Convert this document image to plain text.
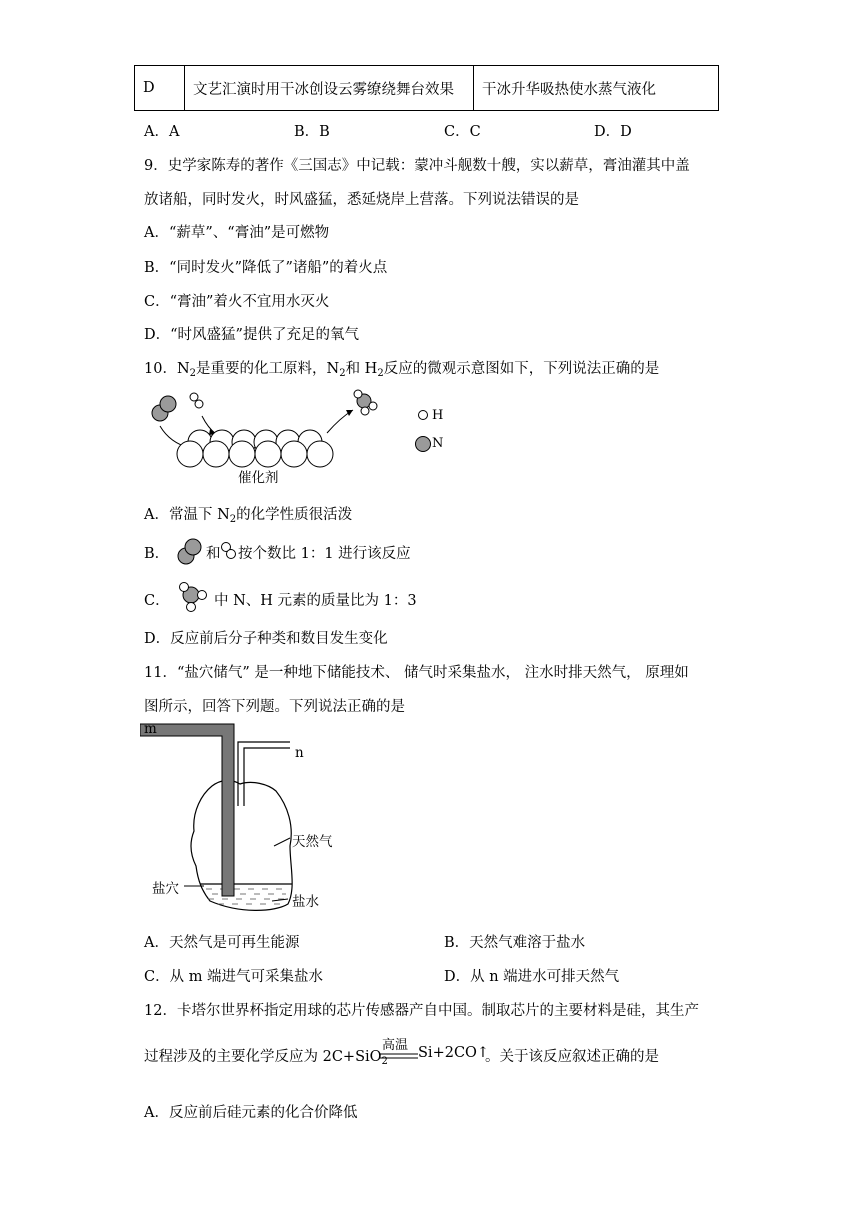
D	文艺汇演时用干冰创设云雾缭绕舞台效果	干冰升华吸热使水蒸气液化
A．A	B．B	C．C	D．D
9．史学家陈寿的著作《三国志》中记载：蒙冲斗舰数十艘，实以薪草，膏油灌其中盖
放诸船，同时发火，时风盛猛，悉延烧岸上营落。下列说法错误的是
A．“薪草”、“膏油”是可燃物
B．“同时发火”降低了”诸船”的着火点
C．“膏油”着火不宜用水灭火
D．“时风盛猛”提供了充足的氧气
10．$N_2$是重要的化工原料，$N_2$和 $H_2$反应的微观示意图如下，下列说法正确的是
H
N
催化剂
A．常温下 $N_2$的化学性质很活泼
B．	和 按个数比 1：1 进行该反应
C．	中 N、H 元素的质量比为 1：3
D．反应前后分子种类和数目发生变化
11．“盐穴储气” 是一种地下储能技术、 储气时采集盐水， 注水时排天然气， 原理如
图所示，回答下列题。下列说法正确的是
m
n
天然气
盐穴
盐水
A．天然气是可再生能源	B．天然气难溶于盐水
C．从 m 端进气可采集盐水	D．从 n 端进水可排天然气
12．卡塔尔世界杯指定用球的芯片传感器产自中国。制取芯片的主要材料是硅，其生产
过程涉及的主要化学反应为 2C+SiO$_2$
高温 Si+2CO↑
。关于该反应叙述正确的是
A．反应前后硅元素的化合价降低
